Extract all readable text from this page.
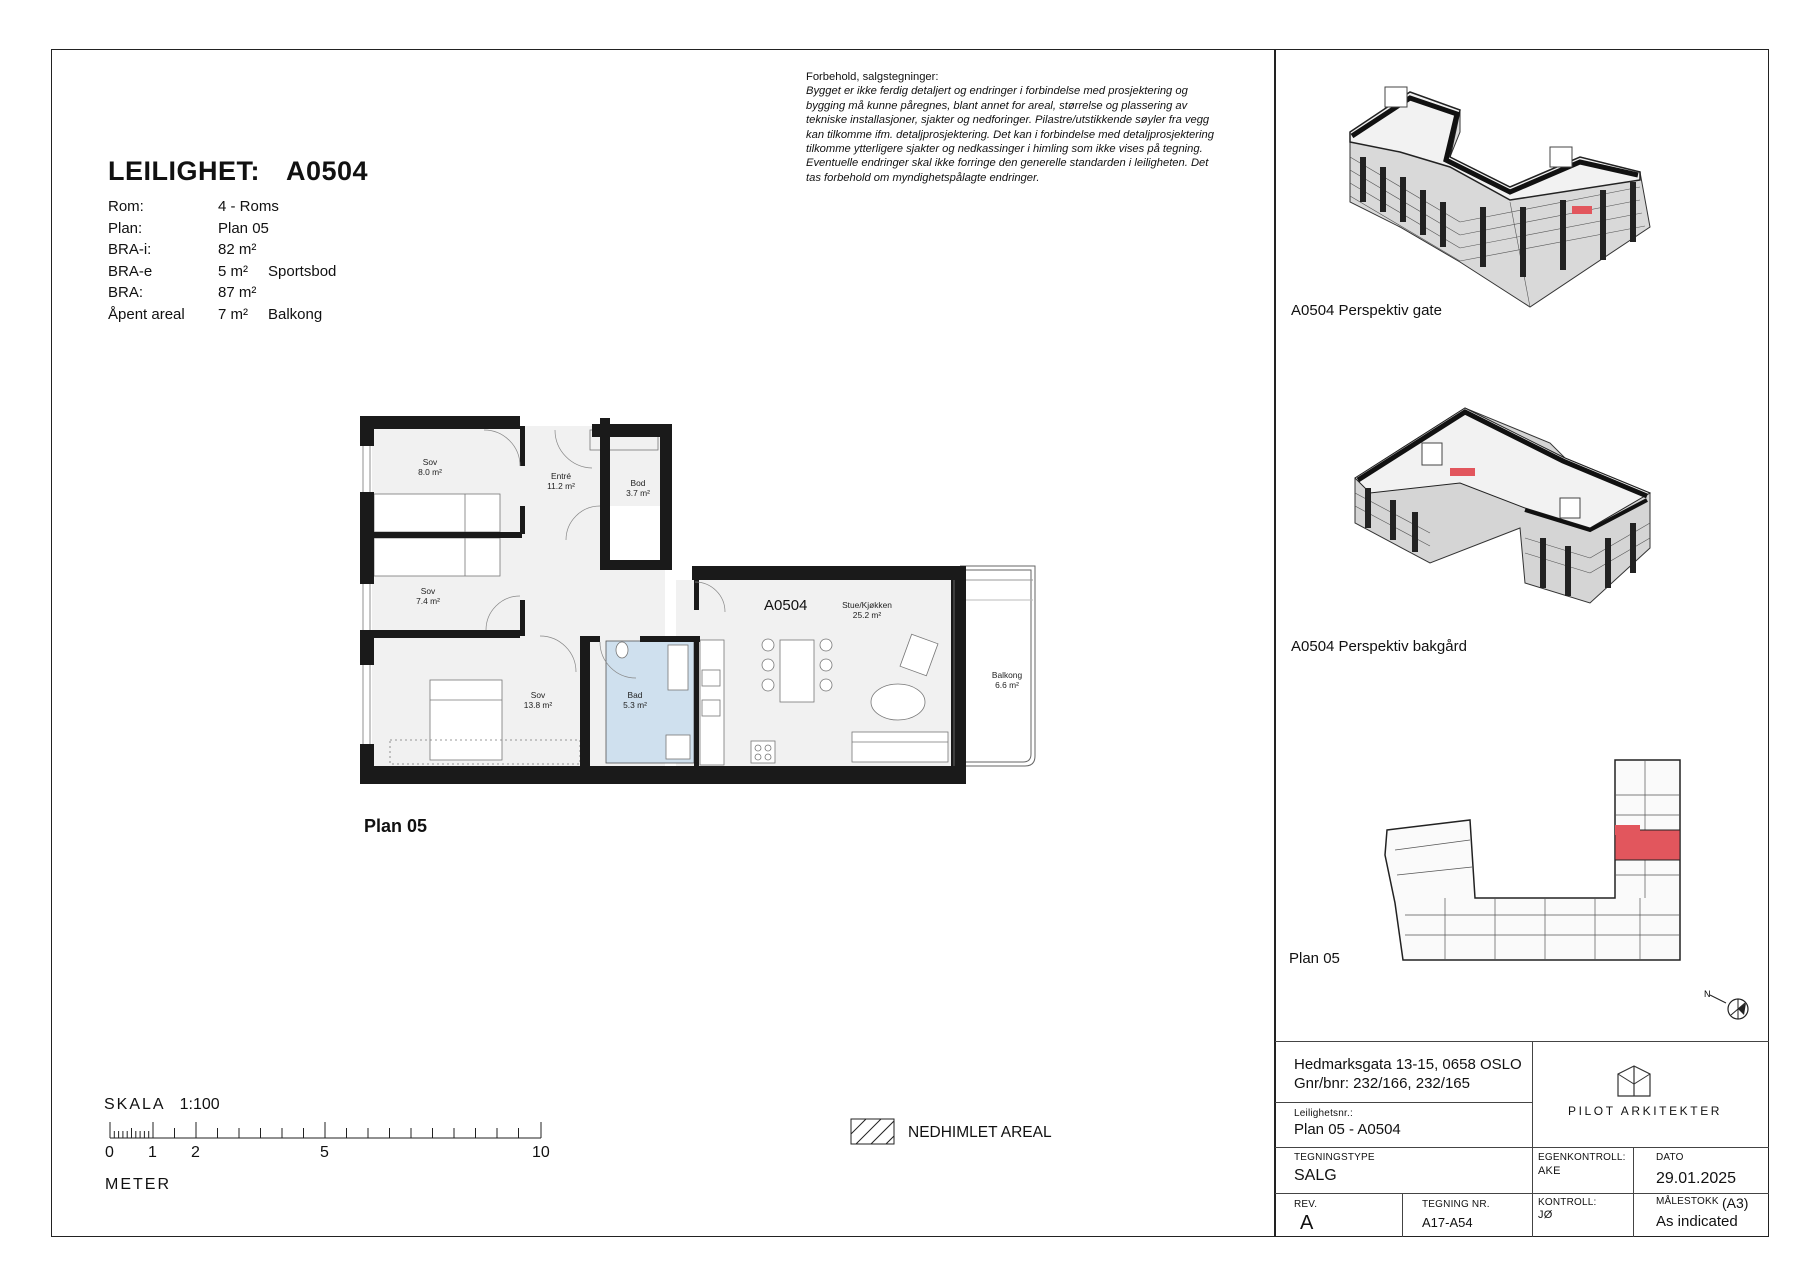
Forbehold, salgstegninger:
Bygget er ikke ferdig detaljert og endringer i forbindelse med prosjektering og
bygging må kunne påregnes, blant annet for areal, størrelse og plassering av
tekniske installasjoner, sjakter og nedforinger. Pilastre/utstikkende søyler fra vegg
kan tilkomme ifm. detaljprosjektering. Det kan i forbindelse med detaljprosjektering
tilkomme ytterligere sjakter og nedkassinger i himling som ikke vises på tegning.
Eventuelle endringer skal ikke forringe den generelle standarden i leiligheten. Det
tas forbehold om myndighetspålagte endringer.
LEILIGHET: A0504
Rom:	4 - Roms
Plan:	Plan 05
BRA-i:	82 m²
BRA-e	5 m² Sportsbod
BRA:	87 m²
Åpent areal 7 m² Balkong
Sov
8.0 m²	Entré
11.2 m²	Bod
3.7 m²
Sov
7.4 m²	Stue/Kjøkken
25.2 m²
Sov
13.8 m²
Bad
5.3 m²
Balkong
6.6 m²
A0504
Plan 05
SKALA 1:100
0 1 2	5	10
METER
NEDHIMLET AREAL
A0504 Perspektiv gate
A0504 Perspektiv bakgård
Plan 05
N
Hedmarksgata 13-15, 0658 OSLO
Gnr/bnr: 232/166, 232/165
Leilighetsnr.:
Plan 05 - A0504
PILOT ARKITEKTER
TEGNINGSTYPE
SALG
EGENKONTROLL:
AKE
DATO
29.01.2025
REV.
A
TEGNING NR.
A17-A54
KONTROLL:
JØ
MÅLESTOKK (A3)
As indicated
